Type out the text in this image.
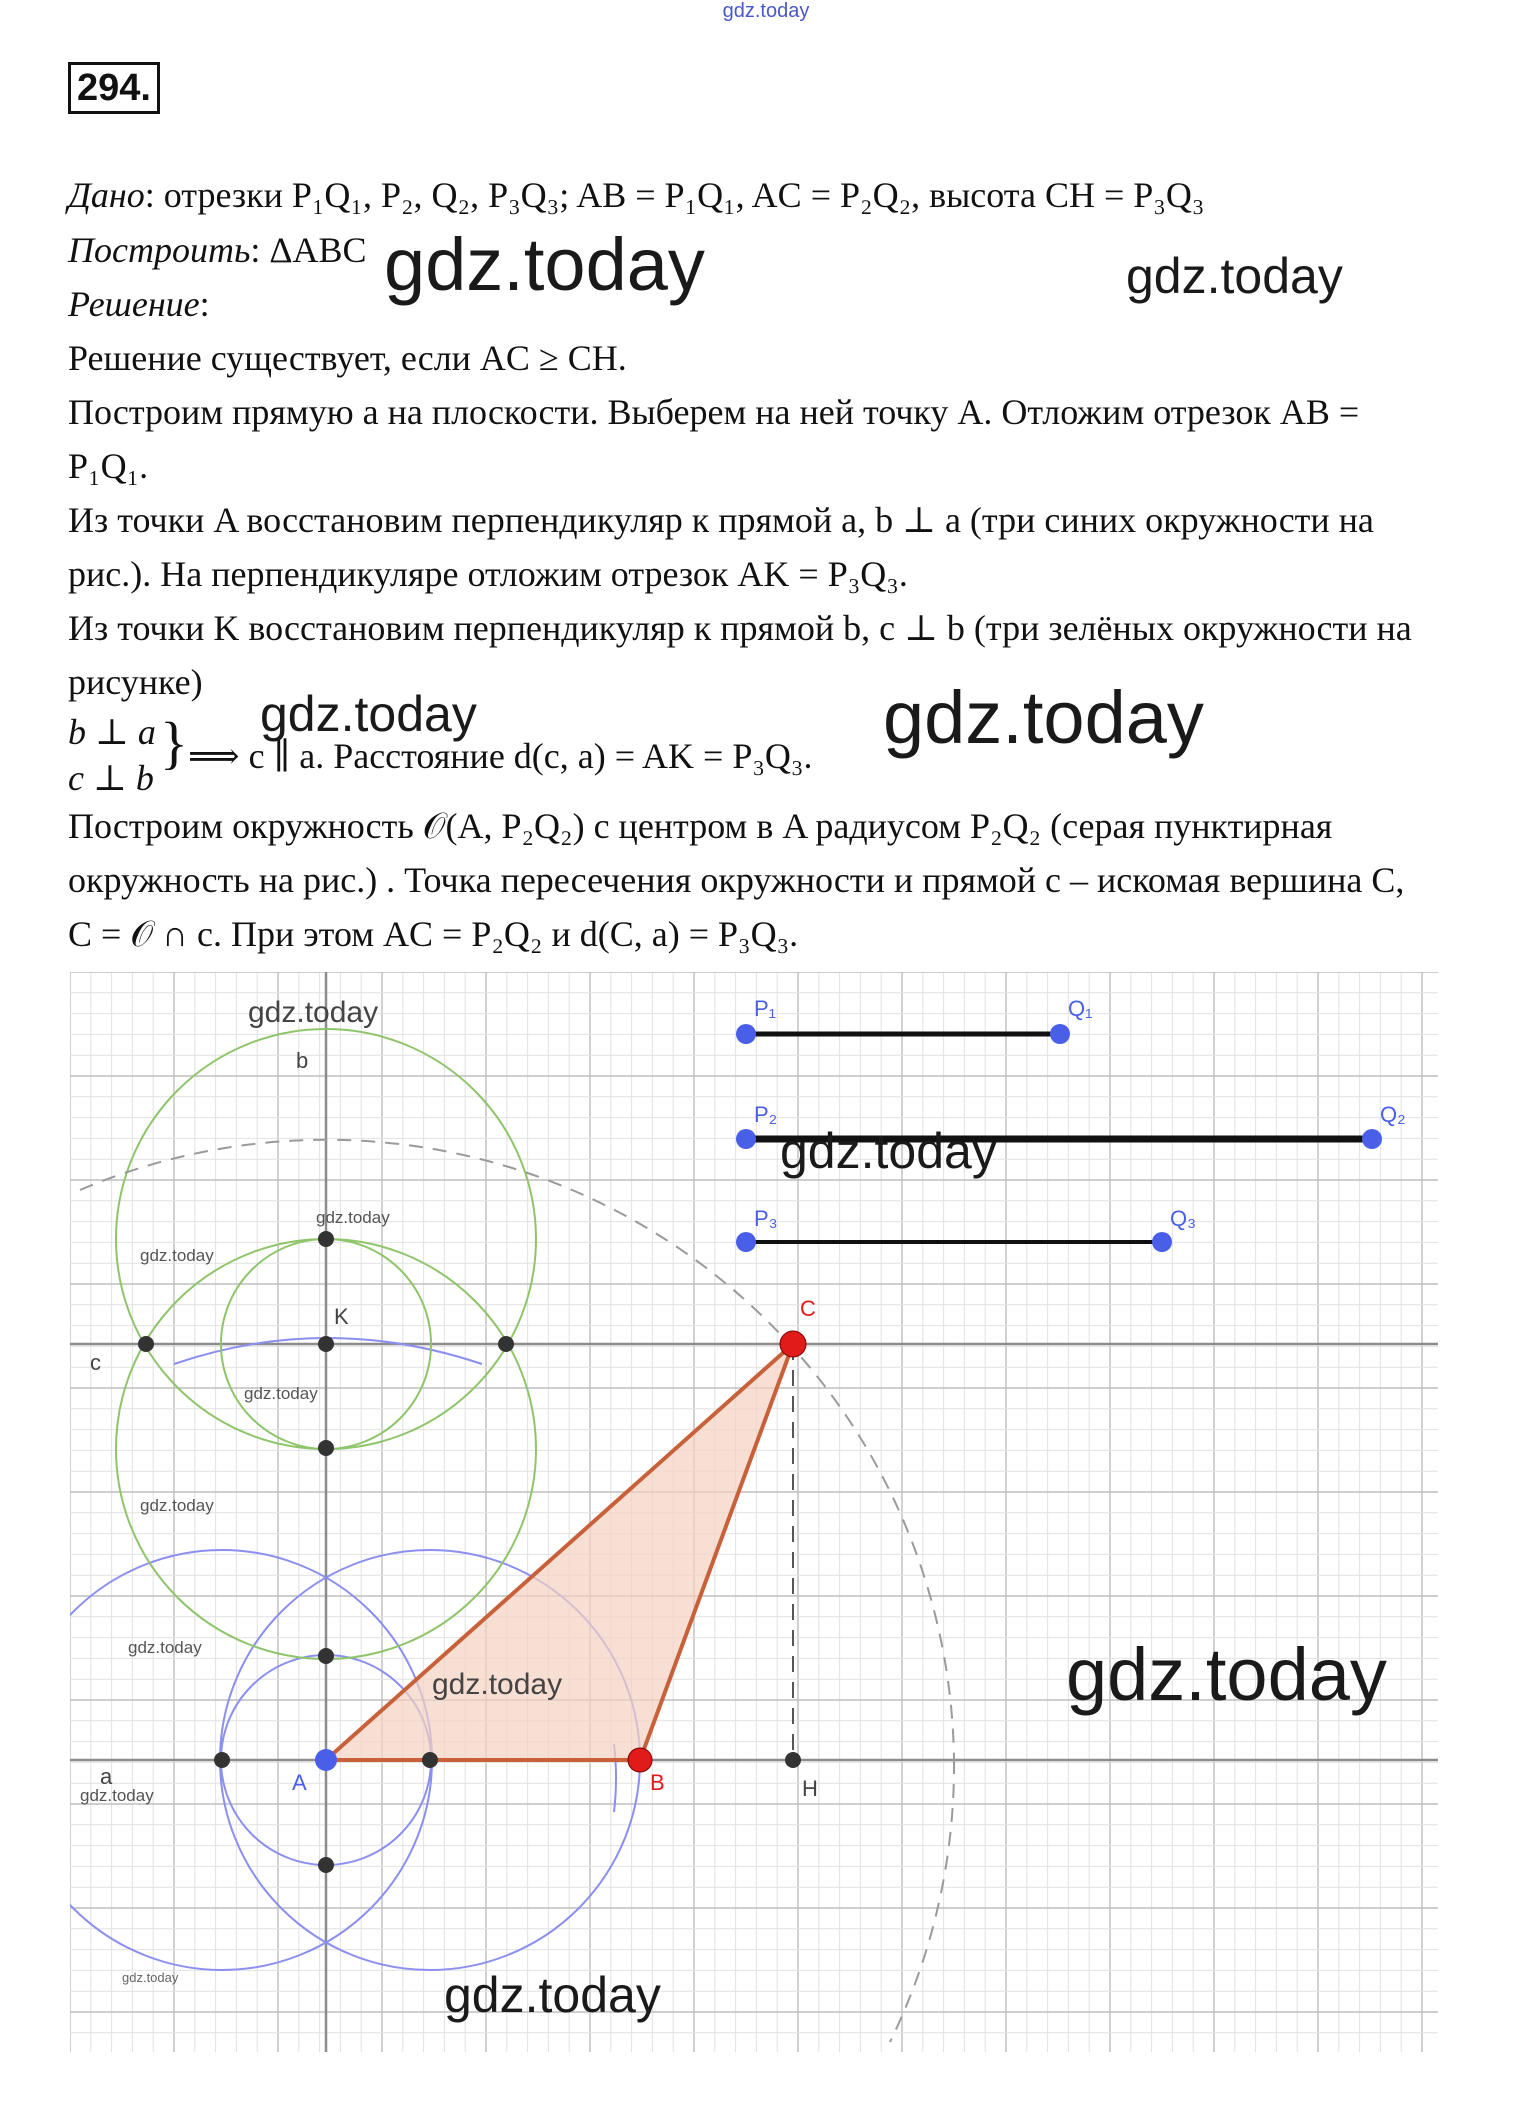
gdz.today
294.
Дано: отрезки P₁Q₁, P₂, Q₂, P₃Q₃; AB = P₁Q₁, AC = P₂Q₂, высота CH = P₃Q₃
Построить: ΔABC
Решение:
Решение существует, если AC ≥ CH.
Построим прямую a на плоскости. Выберем на ней точку A. Отложим отрезок AB =
P₁Q₁.
Из точки A восстановим перпендикуляр к прямой a, b ⊥ a (три синих окружности на
рис.). На перпендикуляре отложим отрезок AK = P₃Q₃.
Из точки K восстановим перпендикуляр к прямой b, c ⊥ b (три зелёных окружности на
рисунке)
b ⊥ a
c ⊥ b
} ⟹ c ∥ a. Расстояние d(c, a) = AK = P₃Q₃.
Построим окружность 𝒪(A, P₂Q₂) с центром в A радиусом P₂Q₂ (серая пунктирная
окружность на рис.) . Точка пересечения окружности и прямой c – искомая вершина C,
C = 𝒪 ∩ c. При этом AC = P₂Q₂ и d(C, a) = P₃Q₃.
gdz.today	gdz.today
gdz.today	gdz.today
b
c
a
K
A	B
C
H
P₁	Q₁
P₂	Q₂
P₃	Q₃
gdz.today
gdz.today
gdz.today
gdz.today
gdz.today
gdz.today
gdz.today
gdz.today	gdz.today
gdz.today
gdz.today	gdz.today
